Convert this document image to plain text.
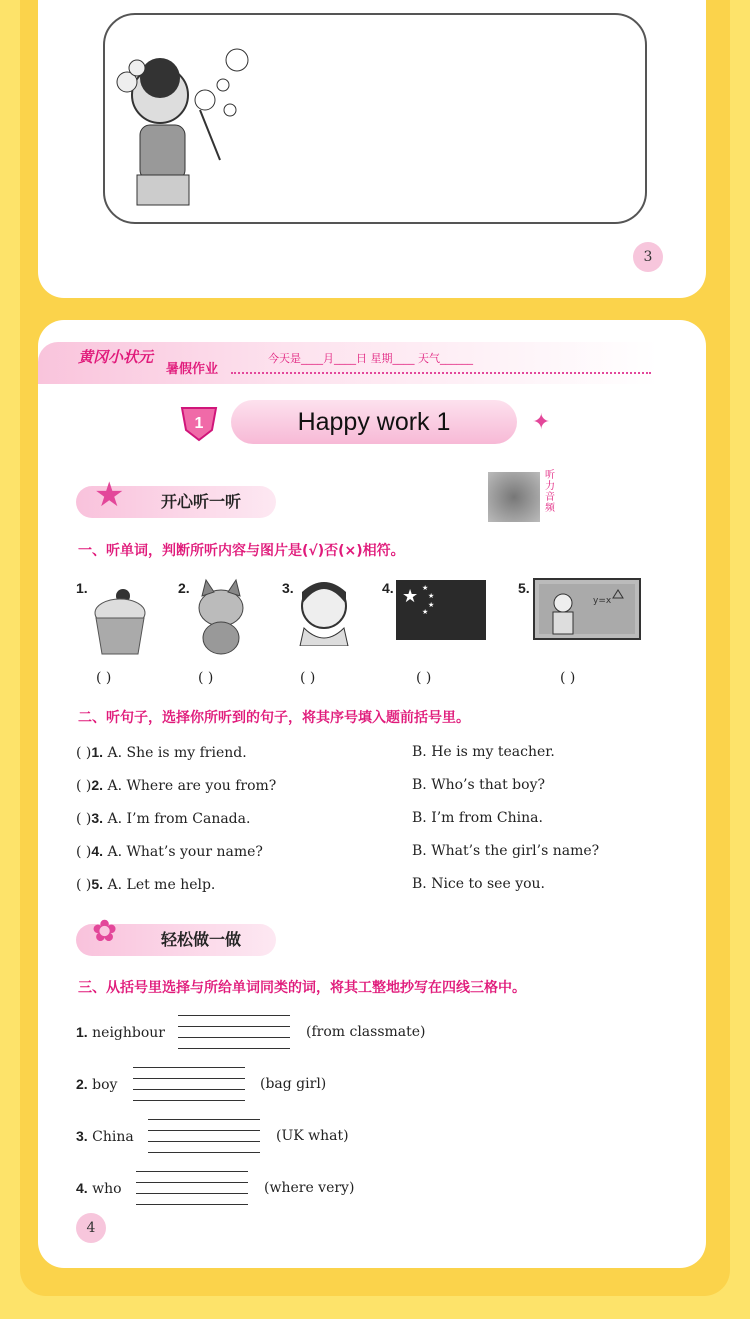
3
黄冈小状元
暑假作业
今天是____月____日 星期____ 天气______
1	Happy work 1	✦
开心听一听
★	听力音频
一、听单词，判断所听内容与图片是(√)否(×)相符。
1.
( )
2.
( )
3.
( )
4. ★ ★
★
★
★
( )
5.
y=x
( )
二、听句子，选择你所听到的句子，将其序号填入题前括号里。
( )1. A. She is my friend.	B. He is my teacher.
( )2. A. Where are you from?	B. Who’s that boy?
( )3. A. I’m from Canada.	B. I’m from China.
( )4. A. What’s your name?	B. What’s the girl’s name?
( )5. A. Let me help.	B. Nice to see you.
轻松做一做
✿
三、从括号里选择与所给单词同类的词，将其工整地抄写在四线三格中。
1. neighbour	(from classmate)
2. boy	(bag girl)
3. China	(UK what)
4. who	(where very)
4
